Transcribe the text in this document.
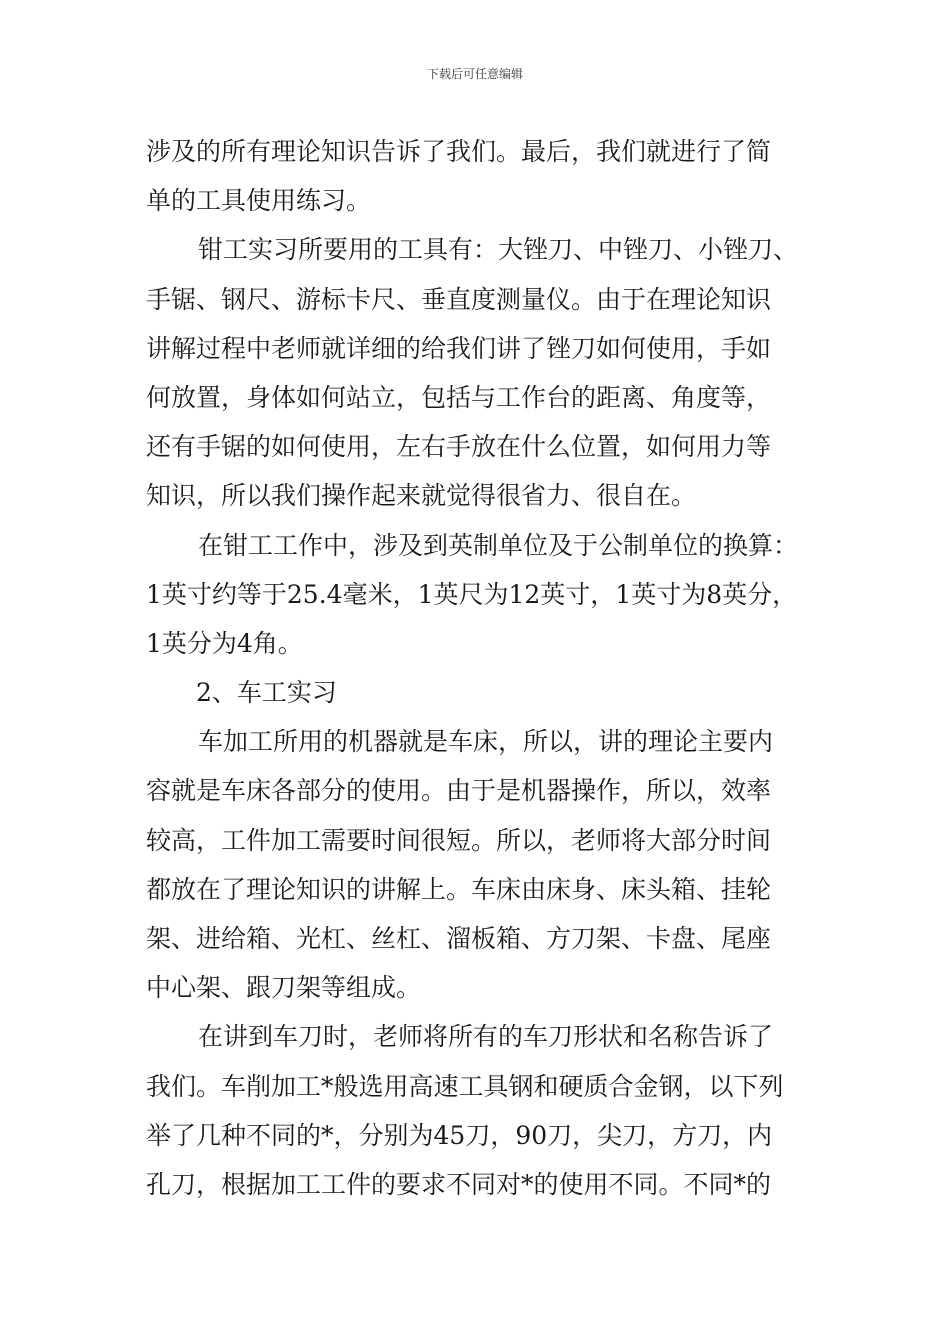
下载后可任意编辑
涉及的所有理论知识告诉了我们。最后，我们就进行了简
单的工具使用练习。
钳工实习所要用的工具有：大锉刀、中锉刀、小锉刀、
手锯、钢尺、游标卡尺、垂直度测量仪。由于在理论知识
讲解过程中老师就详细的给我们讲了锉刀如何使用，手如
何放置，身体如何站立，包括与工作台的距离、角度等，
还有手锯的如何使用，左右手放在什么位置，如何用力等
知识，所以我们操作起来就觉得很省力、很自在。
在钳工工作中，涉及到英制单位及于公制单位的换算：
1英寸约等于25.4毫米，1英尺为12英寸，1英寸为8英分，
1英分为4角。
2、车工实习
车加工所用的机器就是车床，所以，讲的理论主要内
容就是车床各部分的使用。由于是机器操作，所以，效率
较高，工件加工需要时间很短。所以，老师将大部分时间
都放在了理论知识的讲解上。车床由床身、床头箱、挂轮
架、进给箱、光杠、丝杠、溜板箱、方刀架、卡盘、尾座
中心架、跟刀架等组成。
在讲到车刀时，老师将所有的车刀形状和名称告诉了
我们。车削加工*般选用高速工具钢和硬质合金钢，以下列
举了几种不同的*，分别为45刀，90刀，尖刀，方刀，内
孔刀，根据加工工件的要求不同对*的使用不同。不同*的
